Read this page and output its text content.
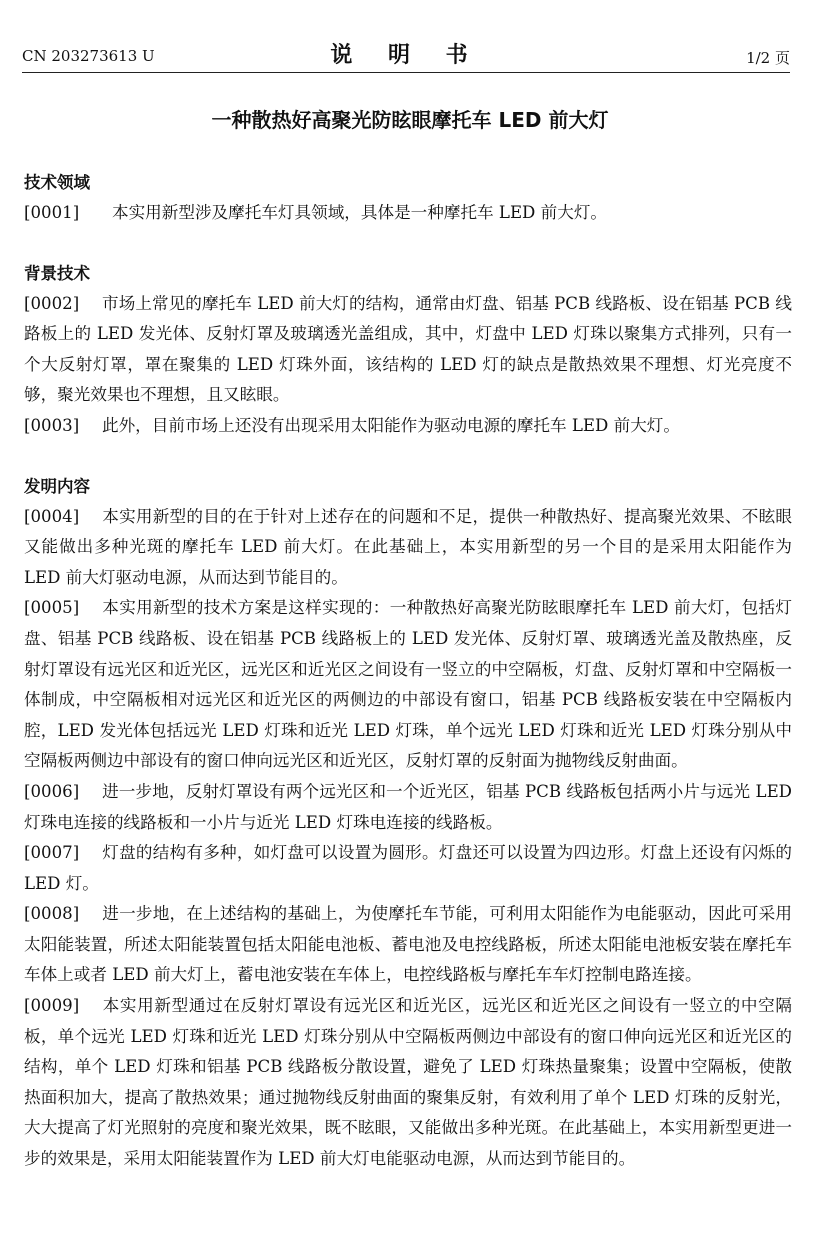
CN 203273613 U	说 明 书	1/2 页
一种散热好高聚光防眩眼摩托车 LED 前大灯
技术领域
[0001] 本实用新型涉及摩托车灯具领域，具体是一种摩托车 LED 前大灯。
背景技术
[0002] 市场上常见的摩托车 LED 前大灯的结构，通常由灯盘、铝基 PCB 线路板、设在铝基 PCB 线路板上的 LED 发光体、反射灯罩及玻璃透光盖组成，其中，灯盘中 LED 灯珠以聚集方式排列，只有一个大反射灯罩，罩在聚集的 LED 灯珠外面，该结构的 LED 灯的缺点是散热效果不理想、灯光亮度不够，聚光效果也不理想，且又眩眼。
[0003] 此外，目前市场上还没有出现采用太阳能作为驱动电源的摩托车 LED 前大灯。
发明内容
[0004] 本实用新型的目的在于针对上述存在的问题和不足，提供一种散热好、提高聚光效果、不眩眼又能做出多种光斑的摩托车 LED 前大灯。在此基础上，本实用新型的另一个目的是采用太阳能作为 LED 前大灯驱动电源，从而达到节能目的。
[0005] 本实用新型的技术方案是这样实现的：一种散热好高聚光防眩眼摩托车 LED 前大灯，包括灯盘、铝基 PCB 线路板、设在铝基 PCB 线路板上的 LED 发光体、反射灯罩、玻璃透光盖及散热座，反射灯罩设有远光区和近光区，远光区和近光区之间设有一竖立的中空隔板，灯盘、反射灯罩和中空隔板一体制成，中空隔板相对远光区和近光区的两侧边的中部设有窗口，铝基 PCB 线路板安装在中空隔板内腔，LED 发光体包括远光 LED 灯珠和近光 LED 灯珠，单个远光 LED 灯珠和近光 LED 灯珠分别从中空隔板两侧边中部设有的窗口伸向远光区和近光区，反射灯罩的反射面为抛物线反射曲面。
[0006] 进一步地，反射灯罩设有两个远光区和一个近光区，铝基 PCB 线路板包括两小片与远光 LED 灯珠电连接的线路板和一小片与近光 LED 灯珠电连接的线路板。
[0007] 灯盘的结构有多种，如灯盘可以设置为圆形。灯盘还可以设置为四边形。灯盘上还设有闪烁的 LED 灯。
[0008] 进一步地，在上述结构的基础上，为使摩托车节能，可利用太阳能作为电能驱动，因此可采用太阳能装置，所述太阳能装置包括太阳能电池板、蓄电池及电控线路板，所述太阳能电池板安装在摩托车车体上或者 LED 前大灯上，蓄电池安装在车体上，电控线路板与摩托车车灯控制电路连接。
[0009] 本实用新型通过在反射灯罩设有远光区和近光区，远光区和近光区之间设有一竖立的中空隔板，单个远光 LED 灯珠和近光 LED 灯珠分别从中空隔板两侧边中部设有的窗口伸向远光区和近光区的结构，单个 LED 灯珠和铝基 PCB 线路板分散设置，避免了 LED 灯珠热量聚集；设置中空隔板，使散热面积加大，提高了散热效果；通过抛物线反射曲面的聚集反射，有效利用了单个 LED 灯珠的反射光，大大提高了灯光照射的亮度和聚光效果，既不眩眼，又能做出多种光斑。在此基础上，本实用新型更进一步的效果是，采用太阳能装置作为 LED 前大灯电能驱动电源，从而达到节能目的。
